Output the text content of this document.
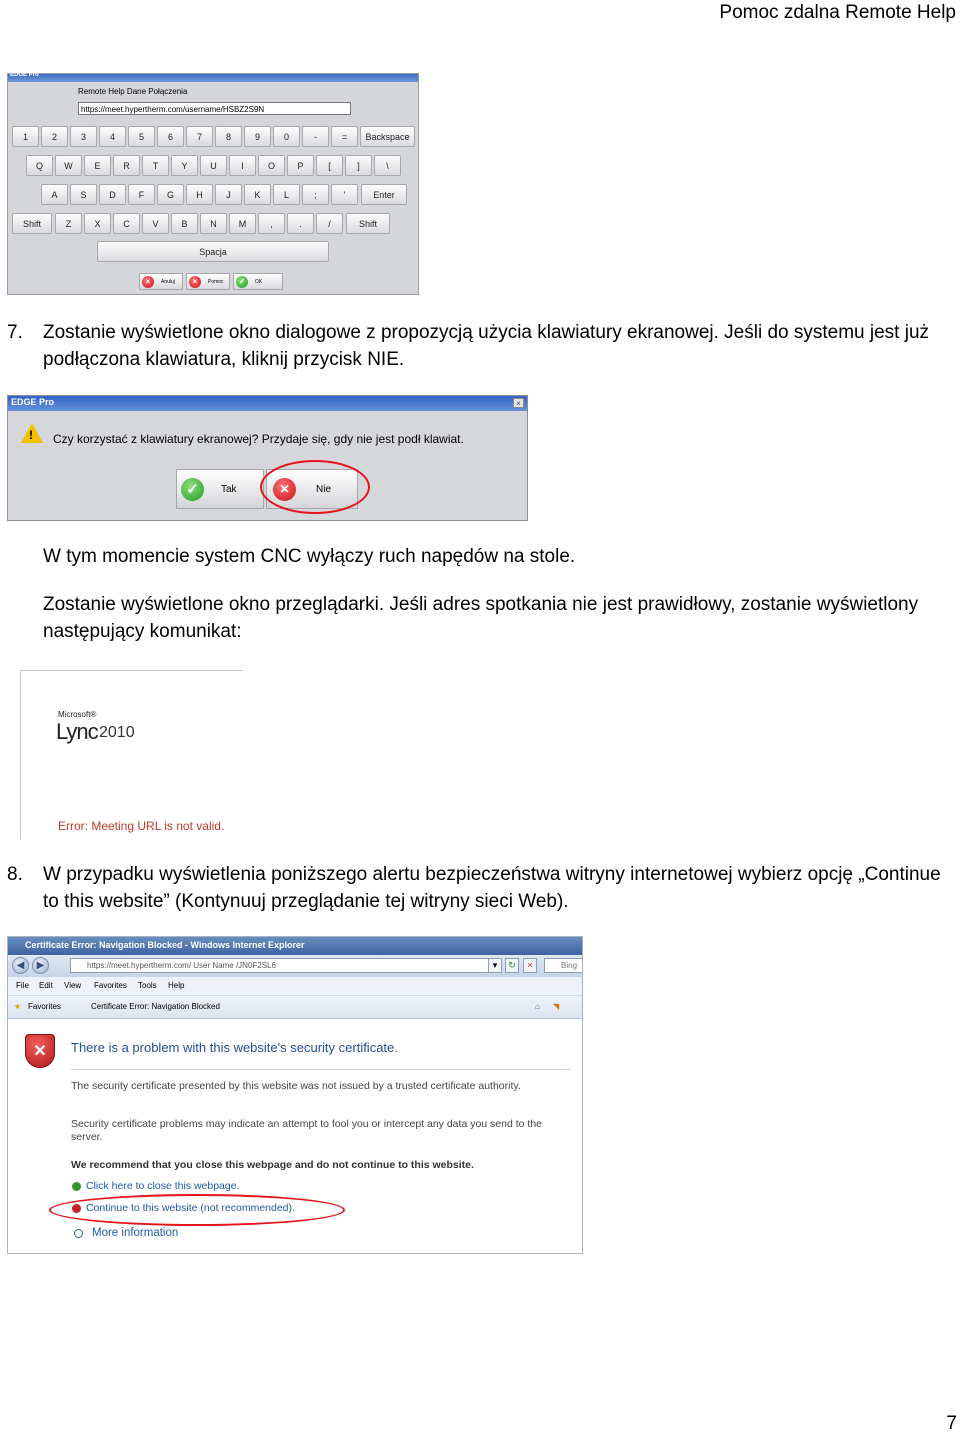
Pomoc zdalna Remote Help
EDGE Pro
Remote Help Dane Połączenia
https://meet.hypertherm.com/username/HSBZ2S9N
1	2	3	4	5	6	7	8	9	0	-	=
Q	W	E	R	T	Y	U	I	O	P	[	]	\
A	S	D	F	G	H	J	K	L	;	'
Z	X	C	V	B	N	M	,	.	/
Backspace
Enter
Shift	Shift
Spacja
×	Anuluj	×	Pomoc	✓	OK
7. Zostanie wyświetlone okno dialogowe z propozycją użycia klawiatury ekranowej. Jeśli do systemu jest już podłączona klawiatura, kliknij przycisk NIE.
EDGE Pro	×
! Czy korzystać z klawiatury ekranowej? Przydaje się, gdy nie jest podł klawiat.
✓	Tak	×	Nie
W tym momencie system CNC wyłączy ruch napędów na stole.
Zostanie wyświetlone okno przeglądarki. Jeśli adres spotkania nie jest prawidłowy, zostanie wyświetlony następujący komunikat:
Microsoft®
Lync 2010
Error: Meeting URL is not valid.
8. W przypadku wyświetlenia poniższego alertu bezpieczeństwa witryny internetowej wybierz opcję „Continue to this website” (Kontynuuj przeglądanie tej witryny sieci Web).
Certificate Error: Navigation Blocked - Windows Internet Explorer
◀	▶	https://meet.hypertherm.com/ User Name /JN0F2SL6	▾	↻	×	Bing
File Edit View Favorites Tools Help
★ Favorites	Certificate Error: Navigation Blocked	⌂ ◥
×	There is a problem with this website's security certificate.
The security certificate presented by this website was not issued by a trusted certificate authority.
Security certificate problems may indicate an attempt to fool you or intercept any data you send to the server.
We recommend that you close this webpage and do not continue to this website.
Click here to close this webpage.
Continue to this website (not recommended).
More information
7
